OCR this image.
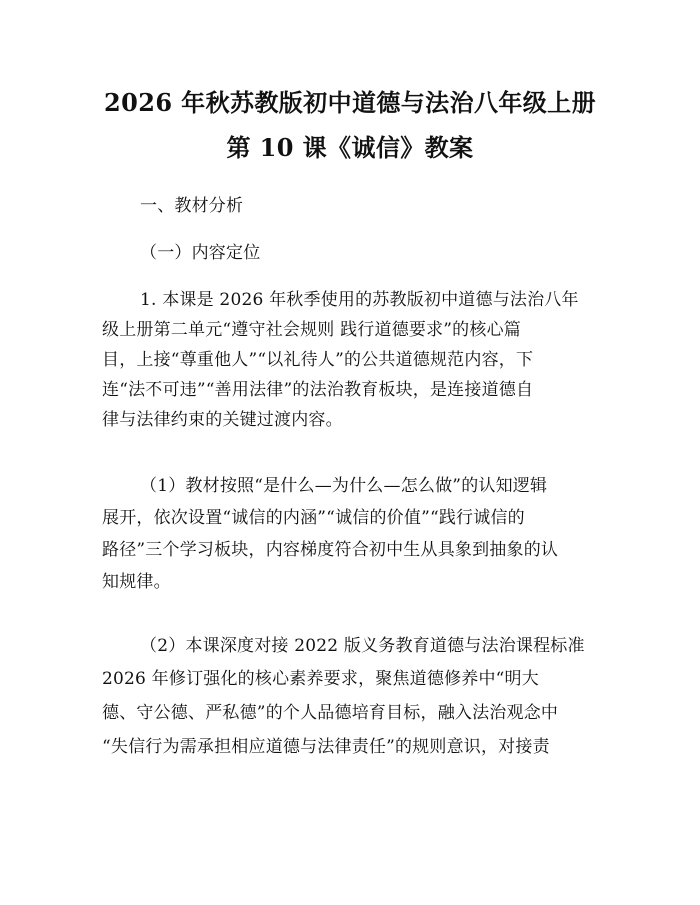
2026 年秋苏教版初中道德与法治八年级上册
第 10 课《诚信》教案
一、教材分析
（一）内容定位
1. 本课是 2026 年秋季使用的苏教版初中道德与法治八年
级上册第二单元“遵守社会规则 践行道德要求”的核心篇
目，上接“尊重他人”“以礼待人”的公共道德规范内容，下
连“法不可违”“善用法律”的法治教育板块，是连接道德自
律与法律约束的关键过渡内容。
（1）教材按照“是什么—为什么—怎么做”的认知逻辑
展开，依次设置“诚信的内涵”“诚信的价值”“践行诚信的
路径”三个学习板块，内容梯度符合初中生从具象到抽象的认
知规律。
（2）本课深度对接 2022 版义务教育道德与法治课程标准
2026 年修订强化的核心素养要求，聚焦道德修养中“明大
德、守公德、严私德”的个人品德培育目标，融入法治观念中
“失信行为需承担相应道德与法律责任”的规则意识，对接责
